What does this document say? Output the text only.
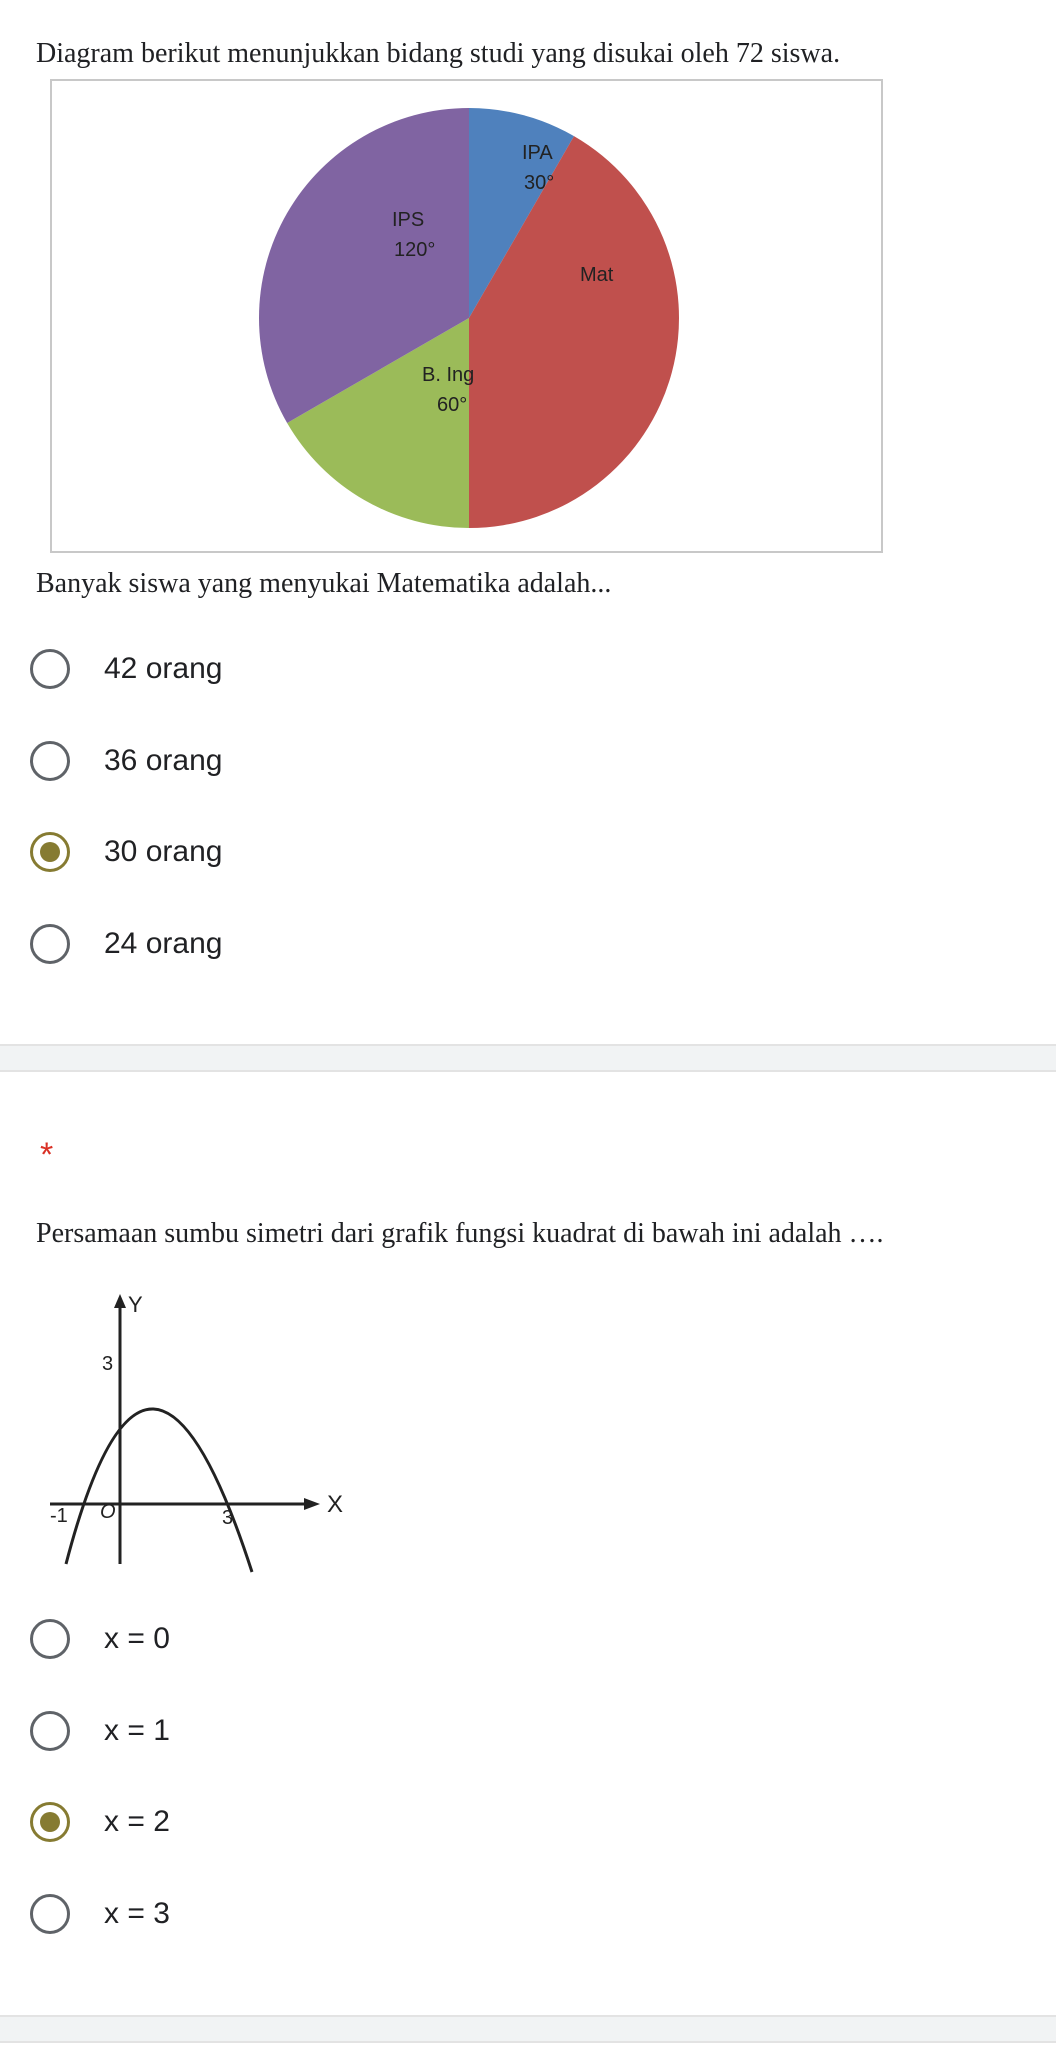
Diagram berikut menunjukkan bidang studi yang disukai oleh 72 siswa.
IPA
30°
Mat
B. Ing
60°
IPS
120°
Banyak siswa yang menyukai Matematika adalah...
42 orang
36 orang
30 orang
24 orang
*
Persamaan sumbu simetri dari grafik fungsi kuadrat di bawah ini adalah ….
Y
X
3
O
-1	3
x = 0
x = 1
x = 2
x = 3
